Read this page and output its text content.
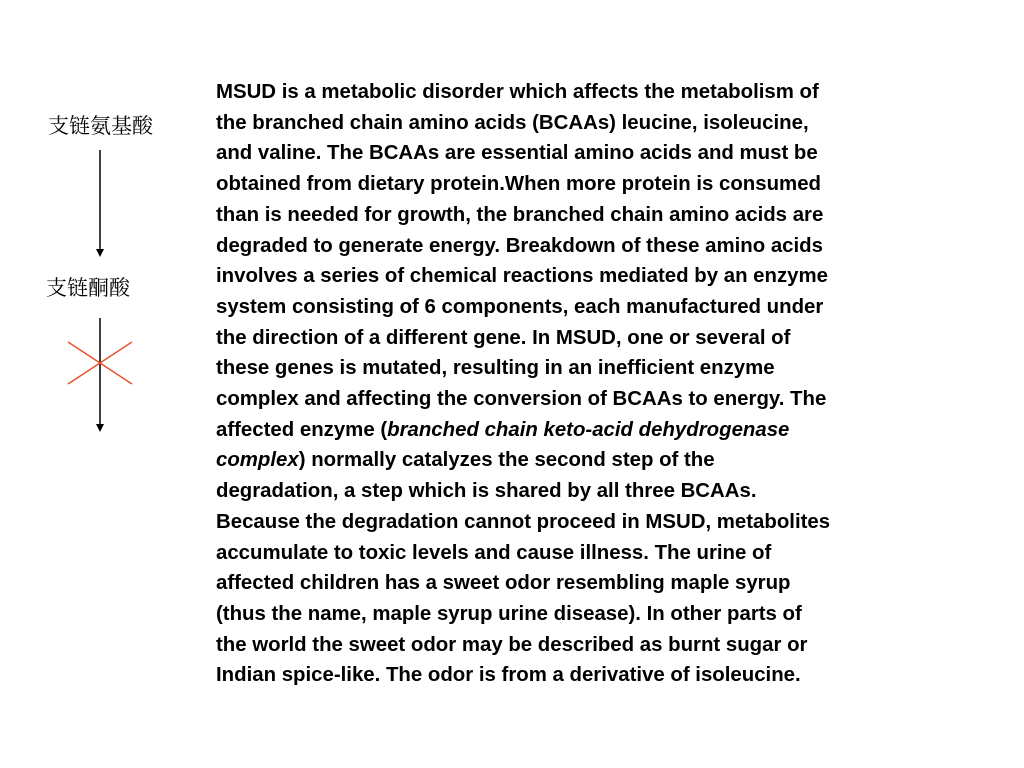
支链氨基酸
支链酮酸
MSUD is a metabolic disorder which affects the metabolism of
the branched chain amino acids (BCAAs) leucine, isoleucine,
and valine. The BCAAs are essential amino acids and must be
obtained from dietary protein.When more protein is consumed
than is needed for growth, the branched chain amino acids are
degraded to generate energy. Breakdown of these amino acids
involves a series of chemical reactions mediated by an enzyme
system consisting of 6 components, each manufactured under
the direction of a different gene. In MSUD, one or several of
these genes is mutated, resulting in an inefficient enzyme
complex and affecting the conversion of BCAAs to energy. The
affected enzyme (branched chain keto-acid dehydrogenase
complex) normally catalyzes the second step of the
degradation, a step which is shared by all three BCAAs.
Because the degradation cannot proceed in MSUD, metabolites
accumulate to toxic levels and cause illness. The urine of
affected children has a sweet odor resembling maple syrup
(thus the name, maple syrup urine disease). In other parts of
the world the sweet odor may be described as burnt sugar or
Indian spice-like. The odor is from a derivative of isoleucine.
